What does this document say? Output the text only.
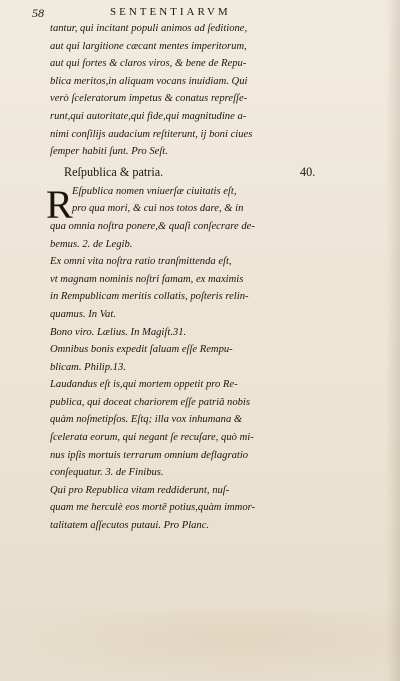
58	SENTENTIARVM
tantur, qui incitant populi animos ad ſeditione,
aut qui largitione cæcant mentes imperitorum,
aut qui fortes & claros viros, & bene de Repu-
blica meritos,in aliquam vocans inuidiam. Qui
verò ſceleratorum impetus & conatus repreſſe-
runt,qui autoritate,qui fide,qui magnitudine a-
nimi conſilijs audacium reſtiterunt, ij boni ciues
ſemper habiti ſunt. Pro Seſt.
Reſpublica & patria.	40.
R Eſpublica nomen vniuerſæ ciuitatis eſt,
pro qua mori, & cui nos totos dare, & in
qua omnia noſtra ponere,& quaſi conſecrare de-
bemus. 2. de Legib.
Ex omni vita noſtra ratio tranſmittenda eſt,
vt magnam nominis noſtri famam, ex maximis
in Rempublicam meritis collatis, poſteris relin-
quamus. In Vat.
Bono viro. Lælius. In Magiſt.31.
Omnibus bonis expedit ſaluam eſſe Rempu-
blicam. Philip.13.
Laudandus eſt is,qui mortem oppetit pro Re-
publica, qui doceat chariorem eſſe patriā nobis
quàm noſmetipſos. Eſtq; illa vox inhumana &
ſcelerata eorum, qui negant ſe recuſare, quò mi-
nus ipſis mortuis terrarum omnium deflagratio
conſequatur. 3. de Finibus.
Qui pro Republica vitam reddiderunt, nuſ-
quam me herculè eos mortē potius,quàm immor-
talitatem aſſecutos putaui. Pro Planc.
